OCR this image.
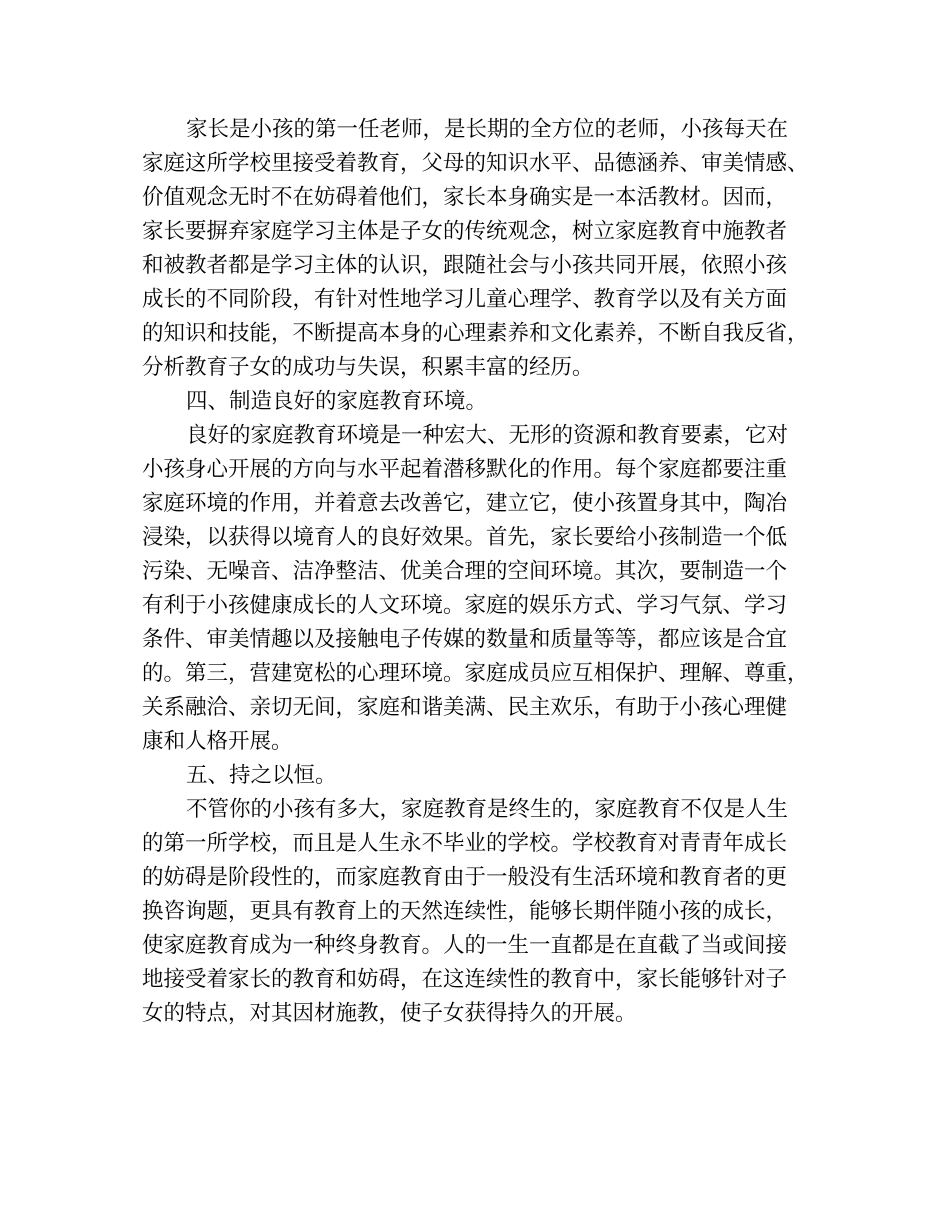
家长是小孩的第一任老师，是长期的全方位的老师，小孩每天在

家庭这所学校里接受着教育，父母的知识水平、品德涵养、审美情感、

价值观念无时不在妨碍着他们，家长本身确实是一本活教材。因而，

家长要摒弃家庭学习主体是子女的传统观念，树立家庭教育中施教者

和被教者都是学习主体的认识，跟随社会与小孩共同开展，依照小孩

成长的不同阶段，有针对性地学习儿童心理学、教育学以及有关方面

的知识和技能，不断提高本身的心理素养和文化素养，不断自我反省，

分析教育子女的成功与失误，积累丰富的经历。

四、制造良好的家庭教育环境。

良好的家庭教育环境是一种宏大、无形的资源和教育要素，它对

小孩身心开展的方向与水平起着潜移默化的作用。每个家庭都要注重

家庭环境的作用，并着意去改善它，建立它，使小孩置身其中，陶冶

浸染，以获得以境育人的良好效果。首先，家长要给小孩制造一个低

污染、无噪音、洁净整洁、优美合理的空间环境。其次，要制造一个

有利于小孩健康成长的人文环境。家庭的娱乐方式、学习气氛、学习

条件、审美情趣以及接触电子传媒的数量和质量等等，都应该是合宜

的。第三，营建宽松的心理环境。家庭成员应互相保护、理解、尊重，

关系融洽、亲切无间，家庭和谐美满、民主欢乐，有助于小孩心理健

康和人格开展。

五、持之以恒。

不管你的小孩有多大，家庭教育是终生的，家庭教育不仅是人生

的第一所学校，而且是人生永不毕业的学校。学校教育对青青年成长

的妨碍是阶段性的，而家庭教育由于一般没有生活环境和教育者的更

换咨询题，更具有教育上的天然连续性，能够长期伴随小孩的成长，

使家庭教育成为一种终身教育。人的一生一直都是在直截了当或间接

地接受着家长的教育和妨碍，在这连续性的教育中，家长能够针对子

女的特点，对其因材施教，使子女获得持久的开展。
